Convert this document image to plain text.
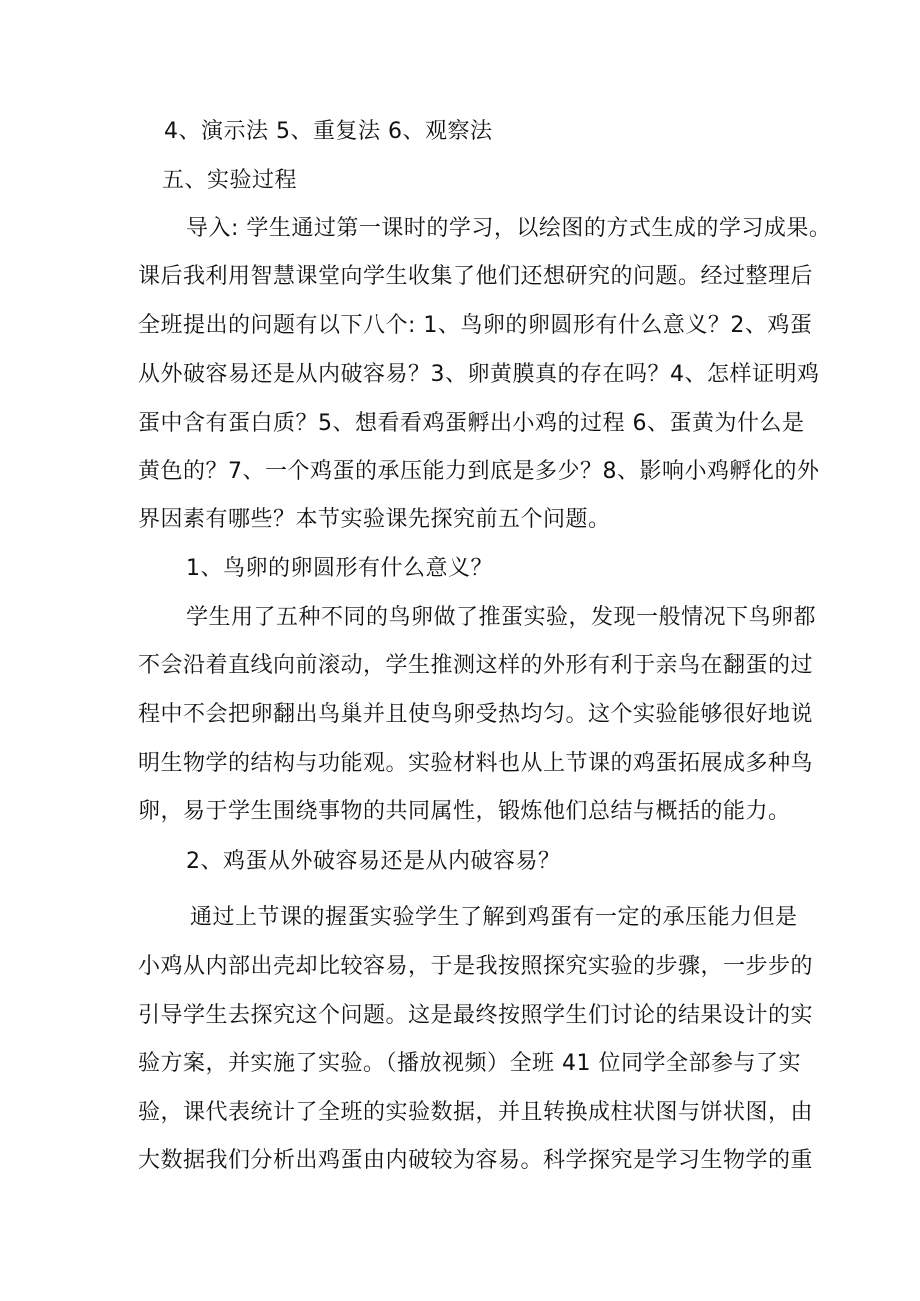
4、演示法 5、重复法 6、观察法
五、实验过程
导入: 学生通过第一课时的学习，以绘图的方式生成的学习成果。
课后我利用智慧课堂向学生收集了他们还想研究的问题。经过整理后
全班提出的问题有以下八个: 1、鸟卵的卵圆形有什么意义？2、鸡蛋
从外破容易还是从内破容易？3、卵黄膜真的存在吗？4、怎样证明鸡
蛋中含有蛋白质？5、想看看鸡蛋孵出小鸡的过程 6、蛋黄为什么是
黄色的？7、一个鸡蛋的承压能力到底是多少？8、影响小鸡孵化的外
界因素有哪些？本节实验课先探究前五个问题。
1、鸟卵的卵圆形有什么意义？
学生用了五种不同的鸟卵做了推蛋实验，发现一般情况下鸟卵都
不会沿着直线向前滚动，学生推测这样的外形有利于亲鸟在翻蛋的过
程中不会把卵翻出鸟巢并且使鸟卵受热均匀。这个实验能够很好地说
明生物学的结构与功能观。实验材料也从上节课的鸡蛋拓展成多种鸟
卵，易于学生围绕事物的共同属性，锻炼他们总结与概括的能力。
2、鸡蛋从外破容易还是从内破容易？
通过上节课的握蛋实验学生了解到鸡蛋有一定的承压能力但是
小鸡从内部出壳却比较容易，于是我按照探究实验的步骤，一步步的
引导学生去探究这个问题。这是最终按照学生们讨论的结果设计的实
验方案，并实施了实验。（播放视频）全班 41 位同学全部参与了实
验，课代表统计了全班的实验数据，并且转换成柱状图与饼状图，由
大数据我们分析出鸡蛋由内破较为容易。科学探究是学习生物学的重
